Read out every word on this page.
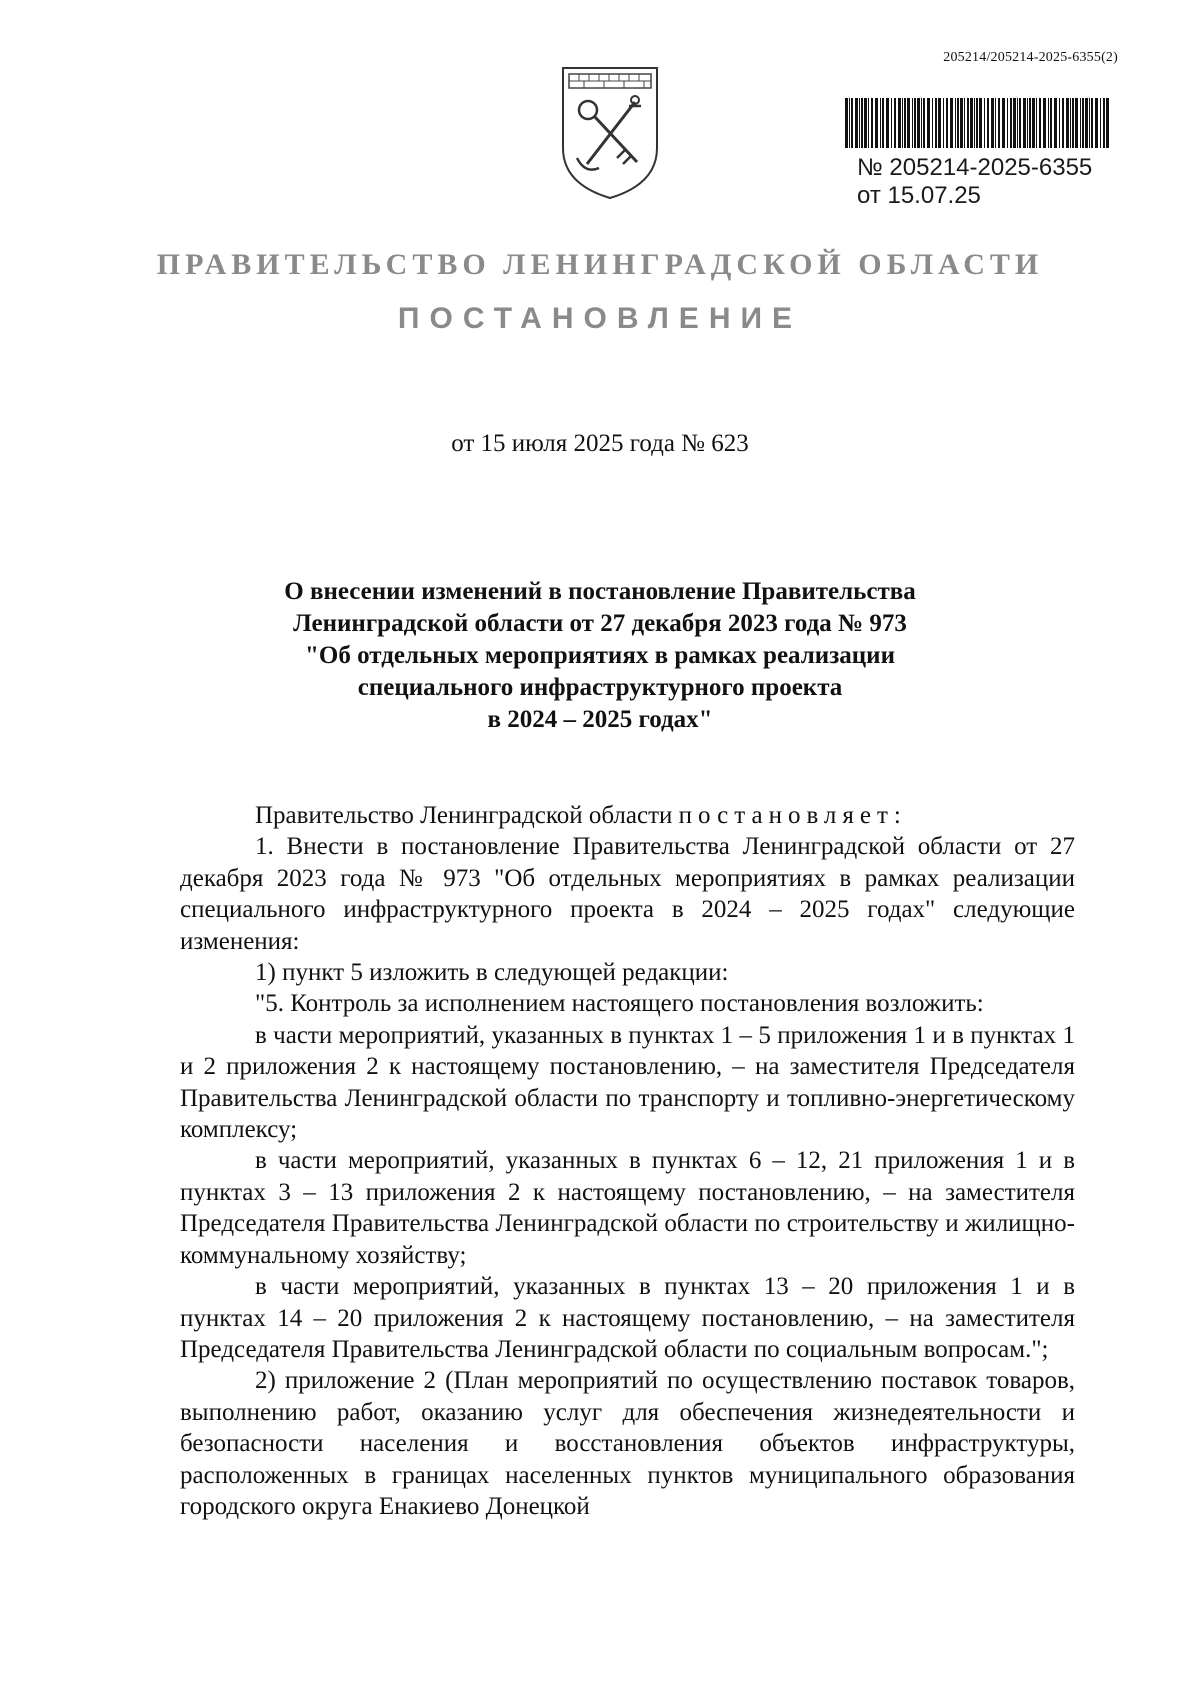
205214/205214-2025-6355(2)
№ 205214-2025-6355
от 15.07.25
ПРАВИТЕЛЬСТВО ЛЕНИНГРАДСКОЙ ОБЛАСТИ
ПОСТАНОВЛЕНИЕ
от 15 июля 2025 года № 623
О внесении изменений в постановление Правительства
Ленинградской области от 27 декабря 2023 года № 973
"Об отдельных мероприятиях в рамках реализации
специального инфраструктурного проекта
в 2024 – 2025 годах"

Правительство Ленинградской области постановляет:

1. Внести в постановление Правительства Ленинградской области от 27 декабря 2023 года № 973 "Об отдельных мероприятиях в рамках реализации специального инфраструктурного проекта в 2024 – 2025 годах" следующие изменения:

1) пункт 5 изложить в следующей редакции:

"5. Контроль за исполнением настоящего постановления возложить:

в части мероприятий, указанных в пунктах 1 – 5 приложения 1 и в пунктах 1 и 2 приложения 2 к настоящему постановлению, – на заместителя Председателя Правительства Ленинградской области по транспорту и топливно-энергетическому комплексу;

в части мероприятий, указанных в пунктах 6 – 12, 21 приложения 1 и в пунктах 3 – 13 приложения 2 к настоящему постановлению, – на заместителя Председателя Правительства Ленинградской области по строительству и жилищно-коммунальному хозяйству;

в части мероприятий, указанных в пунктах 13 – 20 приложения 1 и в пунктах 14 – 20 приложения 2 к настоящему постановлению, – на заместителя Председателя Правительства Ленинградской области по социальным вопросам.";

2) приложение 2 (План мероприятий по осуществлению поставок товаров, выполнению работ, оказанию услуг для обеспечения жизнедеятельности и безопасности населения и восстановления объектов инфраструктуры, расположенных в границах населенных пунктов муниципального образования городского округа Енакиево Донецкой
